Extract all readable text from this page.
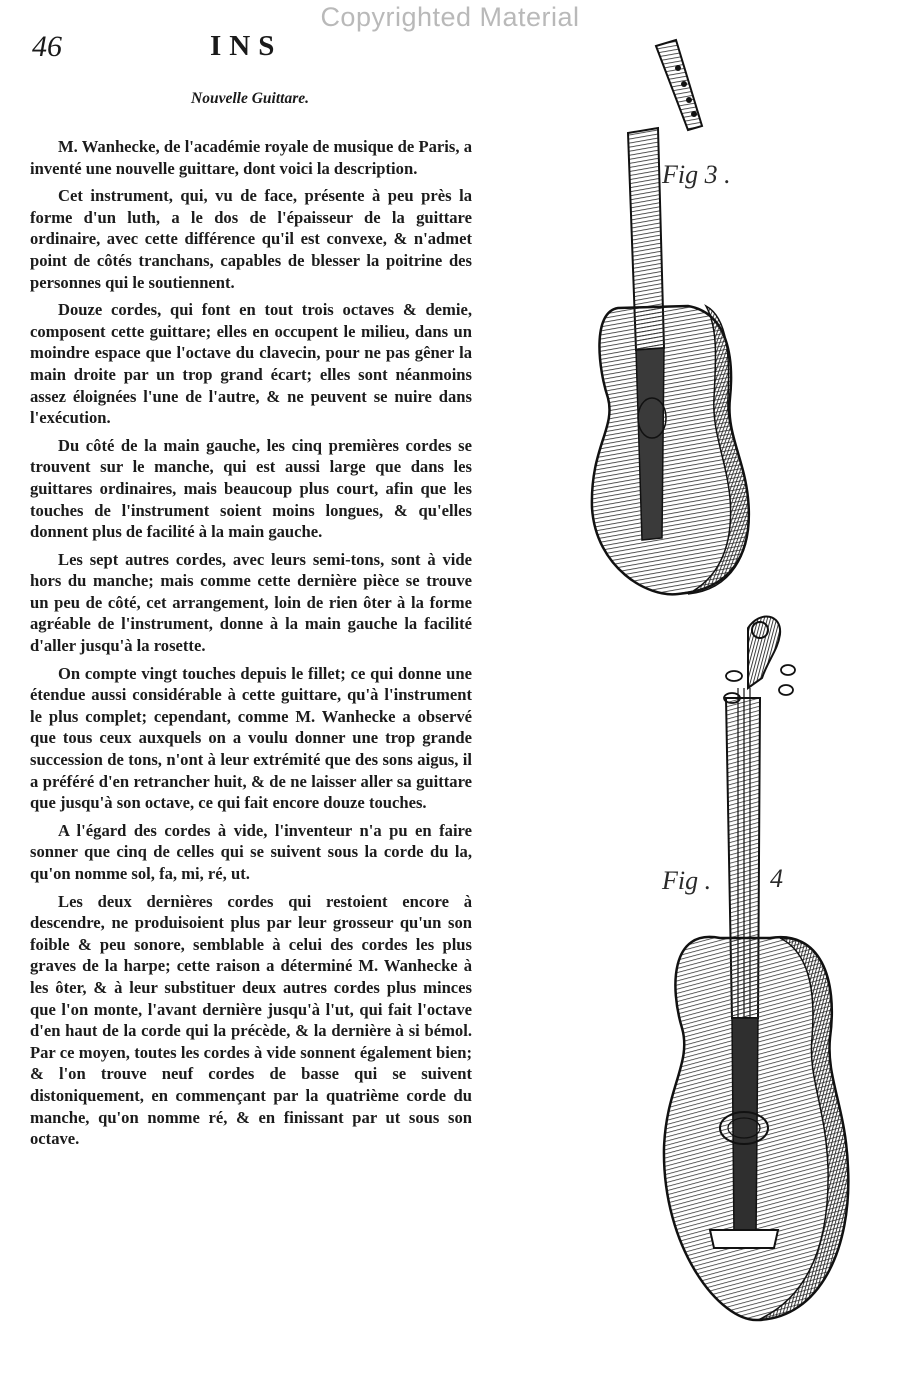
Copyrighted Material
46	INS
Nouvelle Guittare.

M. Wanhecke, de l'académie royale de musique de Paris, a inventé une nouvelle guittare, dont voici la description.

Cet instrument, qui, vu de face, présente à peu près la forme d'un luth, a le dos de l'épaisseur de la guittare ordinaire, avec cette différence qu'il est convexe, & n'admet point de côtés tranchans, capables de blesser la poitrine des personnes qui le soutiennent.

Douze cordes, qui font en tout trois octaves & demie, composent cette guittare; elles en occupent le milieu, dans un moindre espace que l'octave du clavecin, pour ne pas gêner la main droite par un trop grand écart; elles sont néanmoins assez éloignées l'une de l'autre, & ne peuvent se nuire dans l'exécution.

Du côté de la main gauche, les cinq premières cordes se trouvent sur le manche, qui est aussi large que dans les guittares ordinaires, mais beaucoup plus court, afin que les touches de l'instrument soient moins longues, & qu'elles donnent plus de facilité à la main gauche.

Les sept autres cordes, avec leurs semi-tons, sont à vide hors du manche; mais comme cette dernière pièce se trouve un peu de côté, cet arrangement, loin de rien ôter à la forme agréable de l'instrument, donne à la main gauche la facilité d'aller jusqu'à la rosette.

On compte vingt touches depuis le fillet; ce qui donne une étendue aussi considérable à cette guittare, qu'à l'instrument le plus complet; cependant, comme M. Wanhecke a observé que tous ceux auxquels on a voulu donner une trop grande succession de tons, n'ont à leur extrémité que des sons aigus, il a préféré d'en retrancher huit, & de ne laisser aller sa guittare que jusqu'à son octave, ce qui fait encore douze touches.

A l'égard des cordes à vide, l'inventeur n'a pu en faire sonner que cinq de celles qui se suivent sous la corde du la, qu'on nomme sol, fa, mi, ré, ut.

Les deux dernières cordes qui restoient encore à descendre, ne produisoient plus par leur grosseur qu'un son foible & peu sonore, semblable à celui des cordes les plus graves de la harpe; cette raison a déterminé M. Wanhecke à les ôter, & à leur substituer deux autres cordes plus minces que l'on monte, l'avant dernière jusqu'à l'ut, qui fait l'octave d'en haut de la corde qui la précède, & la dernière à si bémol. Par ce moyen, toutes les cordes à vide sonnent également bien; & l'on trouve neuf cordes de basse qui se suivent distoniquement, en commençant par la quatrième corde du manche, qu'on nomme ré, & en finissant par ut sous son octave.

Fig 3 .
Fig . 4
